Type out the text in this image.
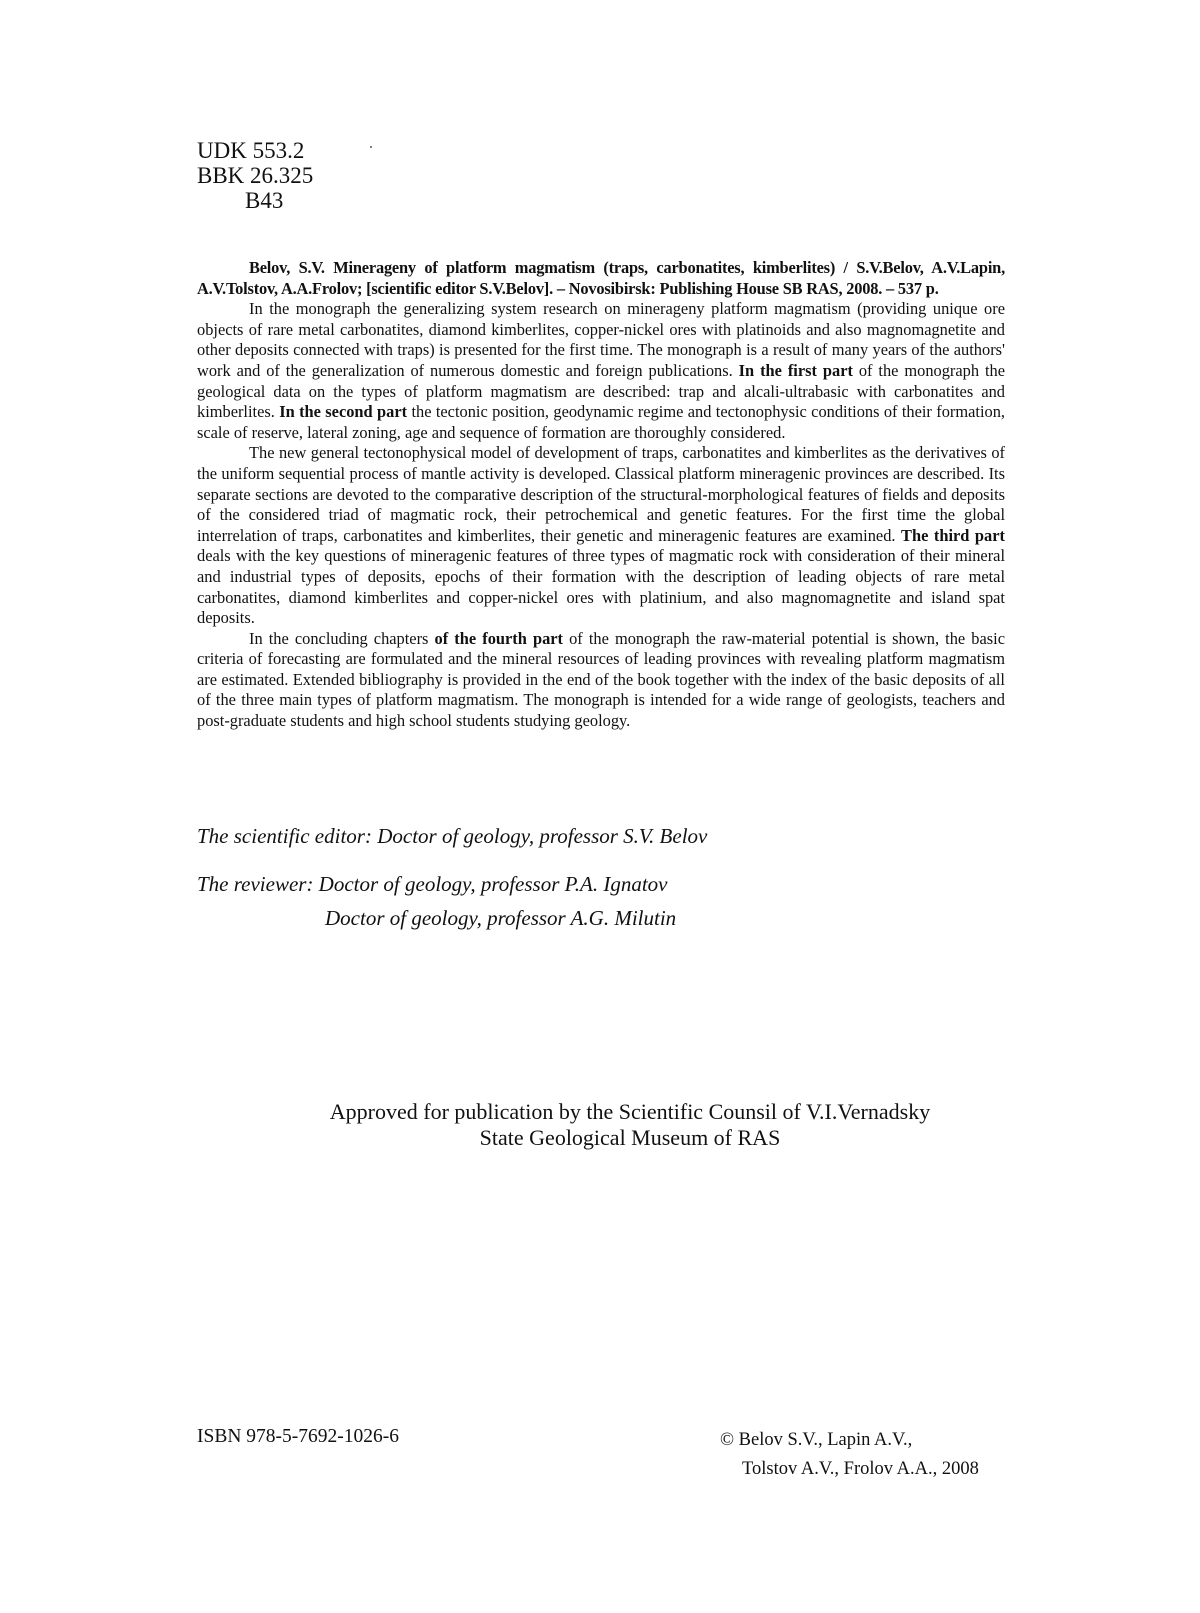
UDK 553.2
BBK 26.325
B43

Belov, S.V. Minerageny of platform magmatism (traps, carbonatites, kimberlites) / S.V.Belov, A.V.Lapin, A.V.Tolstov, A.A.Frolov; [scientific editor S.V.Belov]. – Novosibirsk: Publishing House SB RAS, 2008. – 537 p.

In the monograph the generalizing system research on minerageny platform magmatism (providing unique ore objects of rare metal carbonatites, diamond kimberlites, copper-nickel ores with platinoids and also magnomagnetite and other deposits connected with traps) is presented for the first time. The monograph is a result of many years of the authors' work and of the generalization of numerous domestic and foreign publications. In the first part of the monograph the geological data on the types of platform magmatism are described: trap and alcali-ultrabasic with carbonatites and kimberlites. In the second part the tectonic position, geodynamic regime and tectonophysic conditions of their formation, scale of reserve, lateral zoning, age and sequence of formation are thoroughly considered.

The new general tectonophysical model of development of traps, carbonatites and kimberlites as the derivatives of the uniform sequential process of mantle activity is developed. Classical platform mineragenic provinces are described. Its separate sections are devoted to the comparative description of the structural-morphological features of fields and deposits of the considered triad of magmatic rock, their petrochemical and genetic features. For the first time the global interrelation of traps, carbonatites and kimberlites, their genetic and mineragenic features are examined. The third part deals with the key questions of mineragenic features of three types of magmatic rock with consideration of their mineral and industrial types of deposits, epochs of their formation with the description of leading objects of rare metal carbonatites, diamond kimberlites and copper-nickel ores with platinium, and also magnomagnetite and island spat deposits.

In the concluding chapters of the fourth part of the monograph the raw-material potential is shown, the basic criteria of forecasting are formulated and the mineral resources of leading provinces with revealing platform magmatism are estimated. Extended bibliography is provided in the end of the book together with the index of the basic deposits of all of the three main types of platform magmatism. The monograph is intended for a wide range of geologists, teachers and post-graduate students and high school students studying geology.

The scientific editor: Doctor of geology, professor S.V. Belov
The reviewer: Doctor of geology, professor P.A. Ignatov
Doctor of geology, professor A.G. Milutin
Approved for publication by the Scientific Counsil of V.I.Vernadsky
State Geological Museum of RAS
ISBN 978-5-7692-1026-6	© Belov S.V., Lapin A.V.,
Tolstov A.V., Frolov A.A., 2008
